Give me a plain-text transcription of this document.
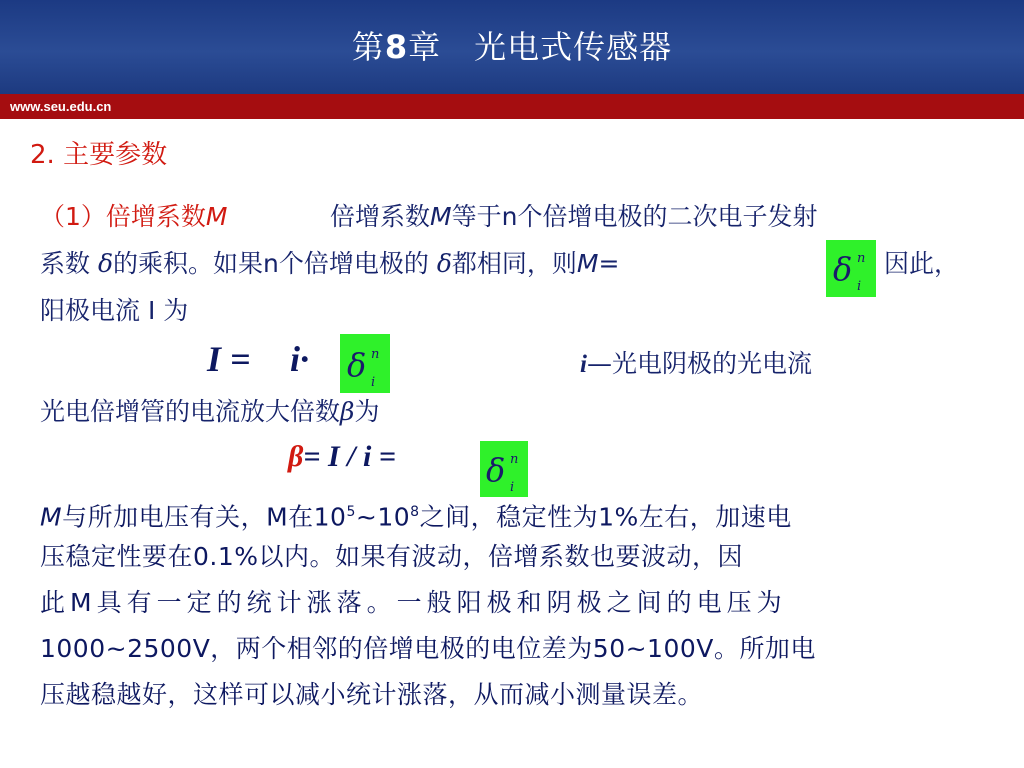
第8章　光电式传感器
www.seu.edu.cn
2. 主要参数
（1）倍增系数M	倍增系数M等于n个倍增电极的二次电子发射
系数 δ的乘积。如果n个倍增电极的 δ都相同，则M=	δ n
i
因此，
阳极电流 I 为
I = i· δ n
i
i—光电阴极的光电流
光电倍增管的电流放大倍数β为
β= I / i =	δ n
i
M与所加电压有关，M在$10^5\sim 10^8$之间，稳定性为1%左右，加速电
压稳定性要在0.1%以内。如果有波动，倍增系数也要波动，因
此M具有一定的统计涨落。一般阳极和阴极之间的电压为
1000~2500V，两个相邻的倍增电极的电位差为50~100V。所加电
压越稳越好，这样可以减小统计涨落，从而减小测量误差。
